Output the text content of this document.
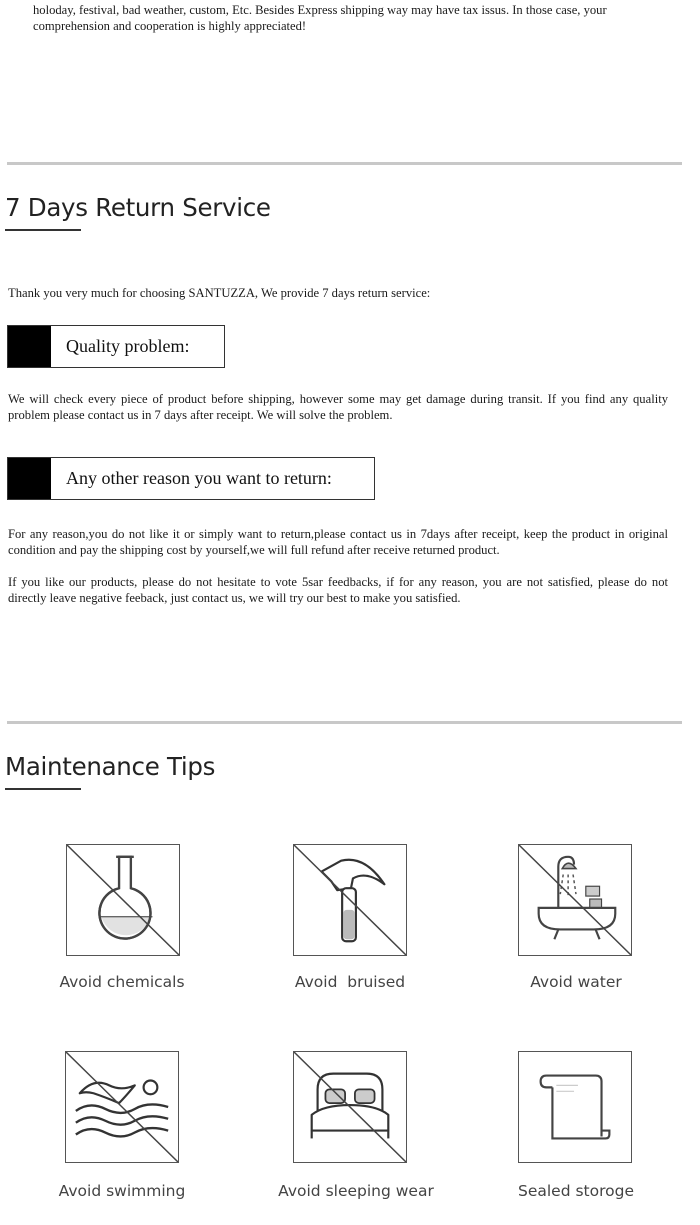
holoday, festival, bad weather, custom, Etc. Besides Express shipping way may have tax issus. In those case, your comprehension and cooperation is highly appreciated!
7 Days Return Service
Thank you very much for choosing SANTUZZA, We provide 7 days return service:
Quality problem:
We will check every piece of product before shipping, however some may get damage during transit. If you find any quality problem please contact us in 7 days after receipt. We will solve the problem.
Any other reason you want to return:
For any reason,you do not like it or simply want to return,please contact us in 7days after receipt, keep the product in original condition and pay the shipping cost by yourself,we will full refund after receive returned product.
If you like our products, please do not hesitate to vote 5sar feedbacks, if for any reason, you are not satisfied, please do not directly leave negative feeback, just contact us, we will try our best to make you satisfied.
Maintenance Tips
Avoid chemicals	Avoid  bruised	Avoid water
Avoid swimming	Avoid sleeping wear	Sealed storoge
